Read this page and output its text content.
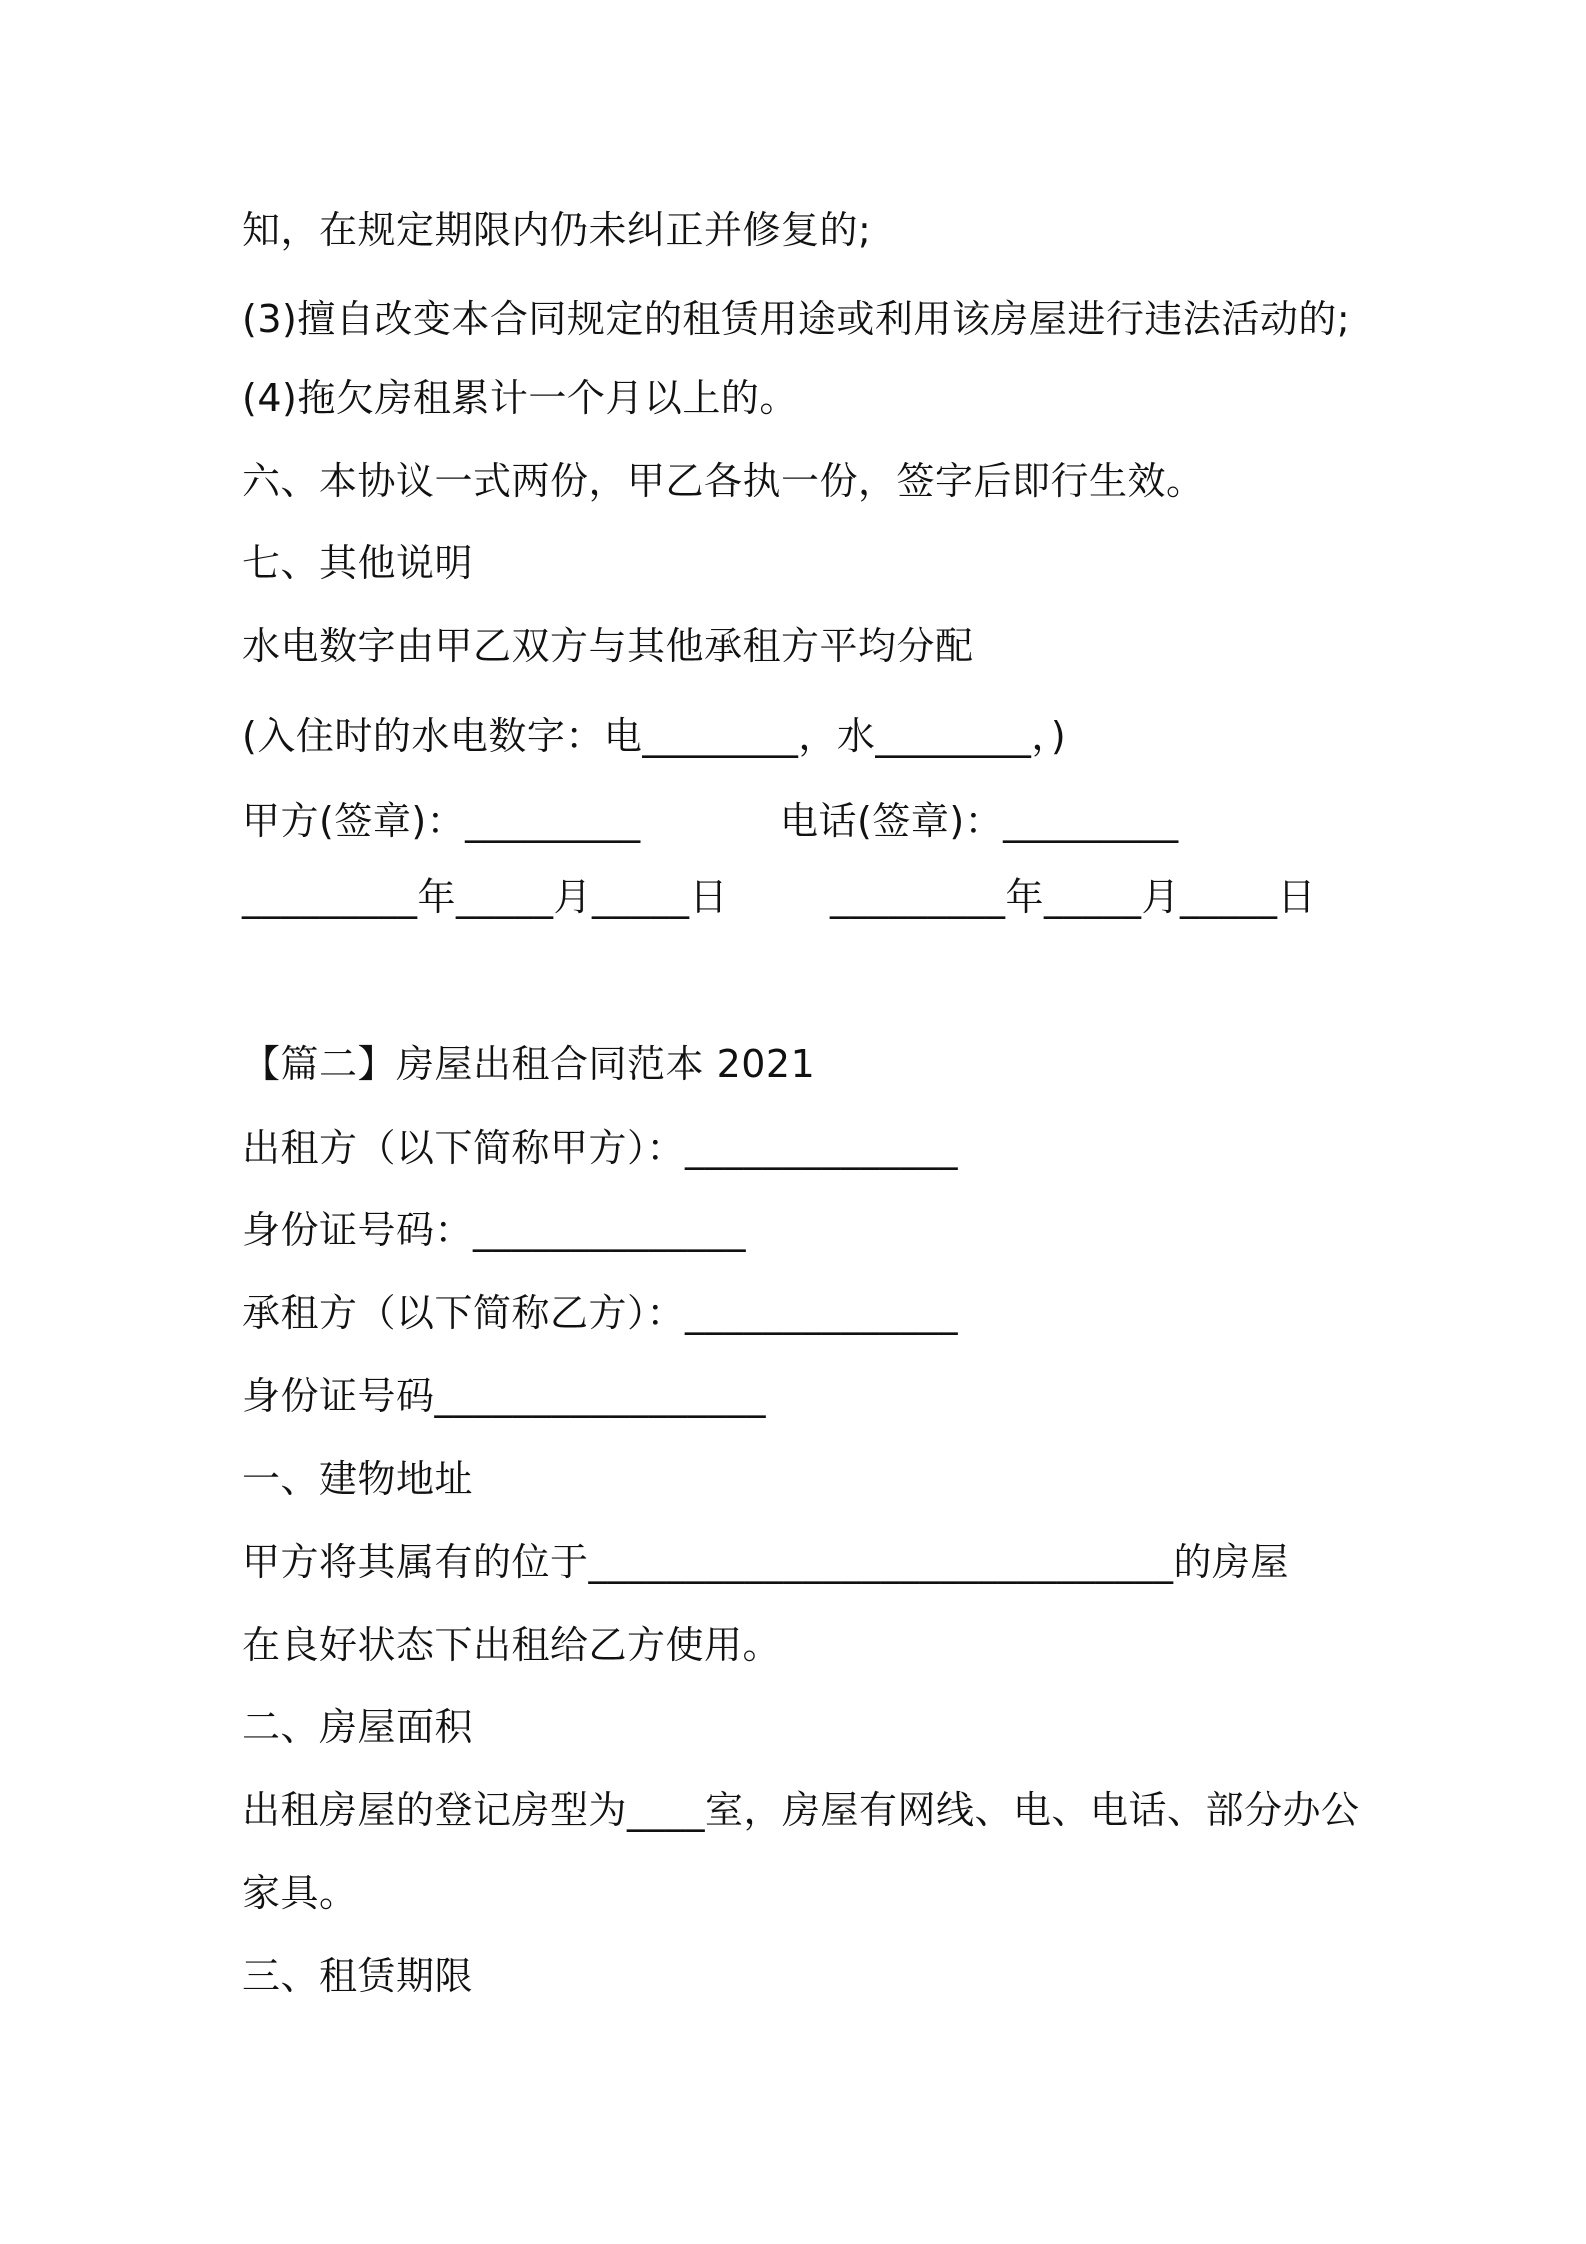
知，在规定期限内仍未纠正并修复的;
(3)擅自改变本合同规定的租赁用途或利用该房屋进行违法活动的;
(4)拖欠房租累计一个月以上的。
六、本协议一式两份，甲乙各执一份，签字后即行生效。
七、其他说明
水电数字由甲乙双方与其他承租方平均分配
(入住时的水电数字：电________，水________，)
甲方(签章)：_________	电话(签章)：_________
_________年_____月_____日	_________年_____月_____日
【篇二】房屋出租合同范本 2021
出租方（以下简称甲方）：______________
身份证号码：______________
承租方（以下简称乙方）：______________
身份证号码_________________
一、建物地址
甲方将其属有的位于______________________________的房屋
在良好状态下出租给乙方使用。
二、房屋面积
出租房屋的登记房型为____室，房屋有网线、电、电话、部分办公
家具。
三、租赁期限
